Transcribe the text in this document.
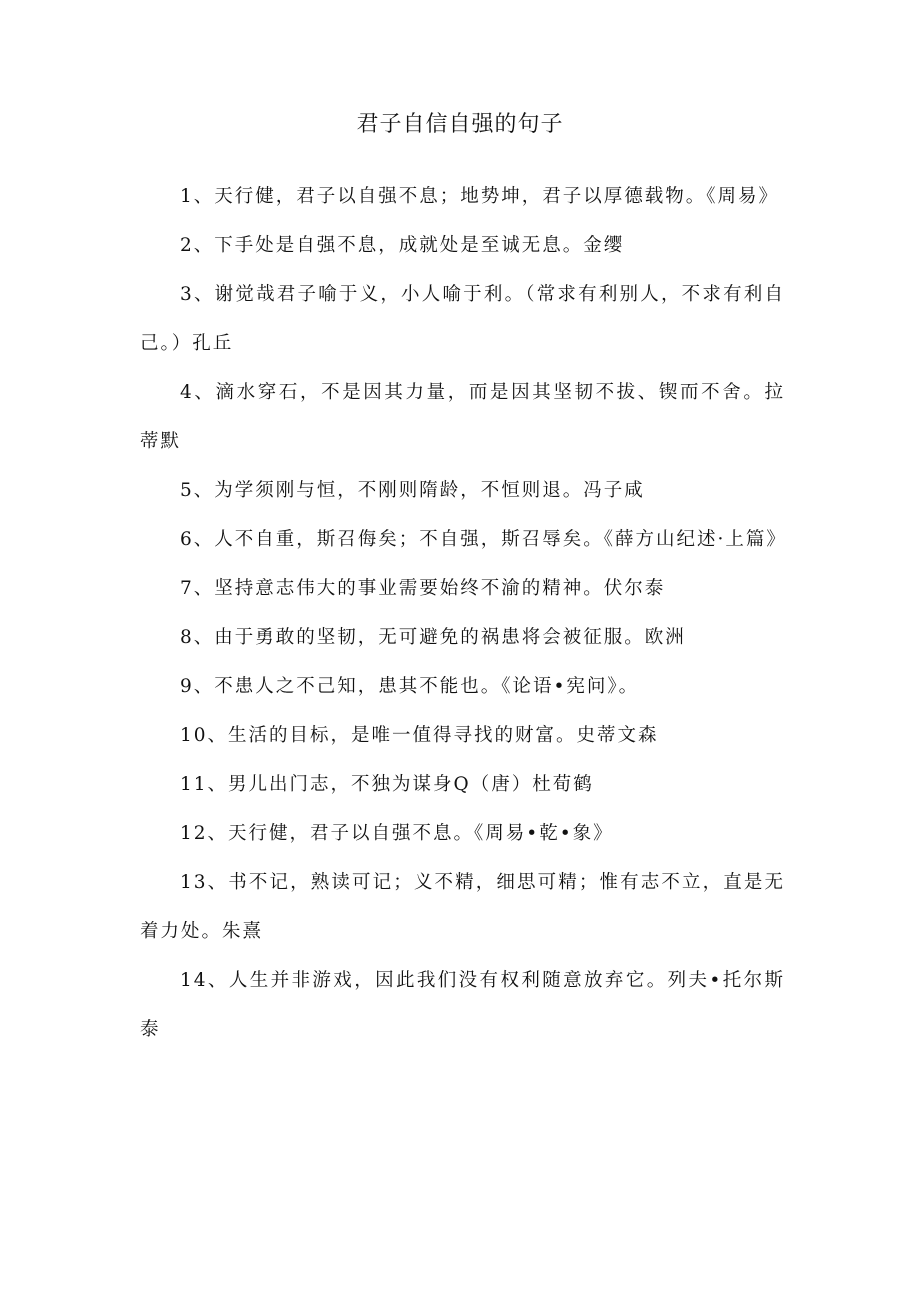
君子自信自强的句子

1、天行健，君子以自强不息；地势坤，君子以厚德载物。《周易》

2、下手处是自强不息，成就处是至诚无息。金缨

3、谢觉哉君子喻于义，小人喻于利。（常求有利别人，不求有利自己。）孔丘

4、滴水穿石，不是因其力量，而是因其坚韧不拔、锲而不舍。拉蒂默

5、为学须刚与恒，不刚则隋龄，不恒则退。冯子咸

6、人不自重，斯召侮矣；不自强，斯召辱矣。《薛方山纪述·上篇》

7、坚持意志伟大的事业需要始终不渝的精神。伏尔泰

8、由于勇敢的坚韧，无可避免的祸患将会被征服。欧洲

9、不患人之不己知，患其不能也。《论语•宪问》。

10、生活的目标，是唯一值得寻找的财富。史蒂文森

11、男儿出门志，不独为谋身Q（唐）杜荀鹤

12、天行健，君子以自强不息。《周易•乾•象》

13、书不记，熟读可记；义不精，细思可精；惟有志不立，直是无着力处。朱熹

14、人生并非游戏，因此我们没有权利随意放弃它。列夫•托尔斯泰
